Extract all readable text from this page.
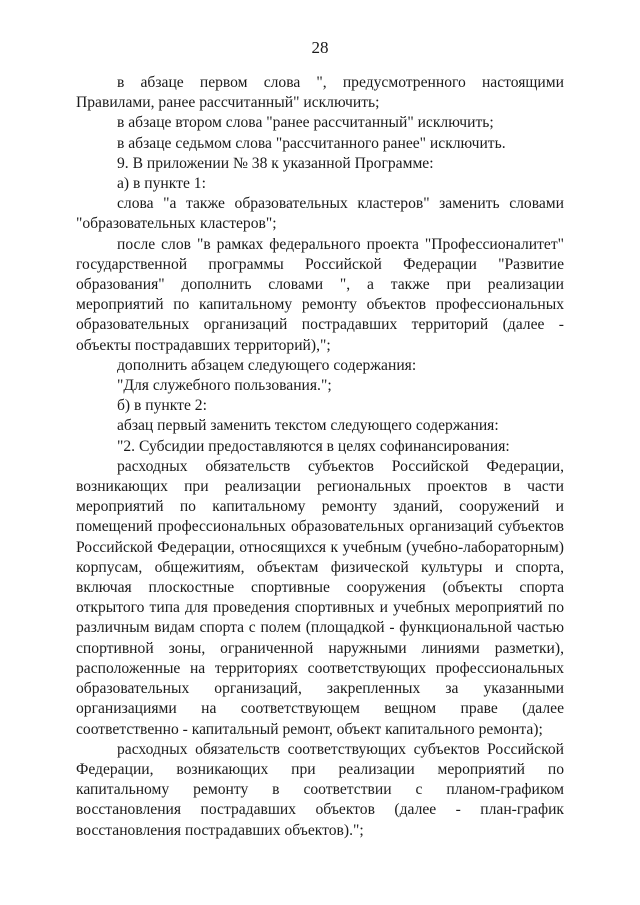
28

в абзаце первом слова ", предусмотренного настоящими Правилами, ранее рассчитанный" исключить;

в абзаце втором слова "ранее рассчитанный" исключить;

в абзаце седьмом слова "рассчитанного ранее" исключить.

9. В приложении № 38 к указанной Программе:

а) в пункте 1:

слова "а также образовательных кластеров" заменить словами "образовательных кластеров";

после слов "в рамках федерального проекта "Профессионалитет" государственной программы Российской Федерации "Развитие образования" дополнить словами ", а также при реализации мероприятий по капитальному ремонту объектов профессиональных образовательных организаций пострадавших территорий (далее - объекты пострадавших территорий),";

дополнить абзацем следующего содержания:

"Для служебного пользования.";

б) в пункте 2:

абзац первый заменить текстом следующего содержания:

"2. Субсидии предоставляются в целях софинансирования:

расходных обязательств субъектов Российской Федерации, возникающих при реализации региональных проектов в части мероприятий по капитальному ремонту зданий, сооружений и помещений профессиональных образовательных организаций субъектов Российской Федерации, относящихся к учебным (учебно-лабораторным) корпусам, общежитиям, объектам физической культуры и спорта, включая плоскостные спортивные сооружения (объекты спорта открытого типа для проведения спортивных и учебных мероприятий по различным видам спорта с полем (площадкой - функциональной частью спортивной зоны, ограниченной наружными линиями разметки), расположенные на территориях соответствующих профессиональных образовательных организаций, закрепленных за указанными организациями на соответствующем вещном праве (далее соответственно - капитальный ремонт, объект капитального ремонта);

расходных обязательств соответствующих субъектов Российской Федерации, возникающих при реализации мероприятий по капитальному ремонту в соответствии с планом-графиком восстановления пострадавших объектов (далее - план-график восстановления пострадавших объектов).";
